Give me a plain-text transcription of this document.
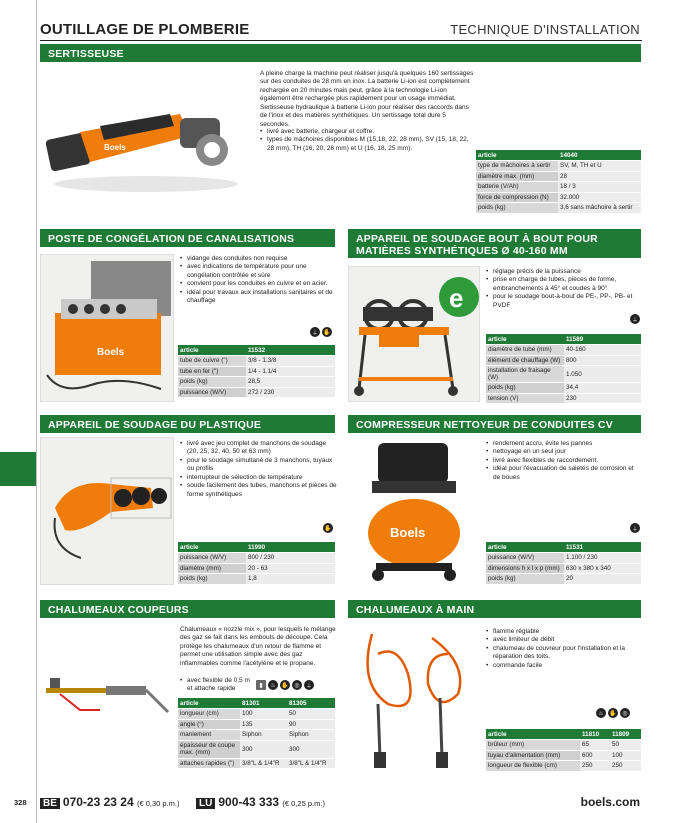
OUTILLAGE DE PLOMBERIE	TECHNIQUE D'INSTALLATION
SERTISSEUSE
Boels
A pleine charge la machine peut réaliser jusqu'à quelques 160 sertissages sur des conduites de 28 mm en inox. La batterie Li-ion est complètement rechargée en 20 minutes mais peut, grâce à la technologie Li-ion également être rechargée plus rapidement pour un usage immédiat. Sertisseuse hydraulique à batterie Li-ion pour réaliser des raccords dans de l'inox et des matières synthétiques. Un sertissage total dure 5 secondes.
• livré avec batterie, chargeur et coffre.
• types de mâchoires disponibles M (15,18, 22, 28 mm), SV (15, 18, 22, 28 mm), TH (16, 20, 26 mm) et U (16, 18, 25 mm).
article	14040
type de mâchoires à sertir	SV, M, TH et U
diamètre max. (mm)	28
batterie (V/Ah)	18 / 3
force de compression (N)	32.000
poids (kg)	3,6 sans mâchoire à sertir
POSTE DE CONGÉLATION DE CANALISATIONS
Boels
• vidange des conduites non requise
• avec indications de température pour une congélation contrôlée et sûre
• convient pour les conduites en cuivre et en acier.
• idéal pour travaux aux installations sanitaires et de chauffage
⏚ ✋
article	11532
tube de cuivre (")	3/8 - 1.3/8
tube en fer (")	1/4 - 1.1/4
poids (kg)	28,5
puissance (W/V)	272 / 230
APPAREIL DE SOUDAGE BOUT À BOUT POUR MATIÈRES SYNTHÉTIQUES Ø 40-160 MM
e
• réglage précis de la puissance
• prise en charge de tubes, pièces de forme, embranchements à 45° et coudes à 90°
• pour le soudage bout-à-bout de PE-, PP-, PB- et PVDF
⏚
article	11589
diamètre de tube (mm)	40-160
élément de chauffage (W)	800
installation de fraisage (W)	1.050
poids (kg)	34,4
tension (V)	230
APPAREIL DE SOUDAGE DU PLASTIQUE
• livré avec jeu complet de manchons de soudage (20, 25, 32, 40, 50 et 63 mm)
• pour le soudage simultané de 3 manchons, tuyaux ou profils
• interrupteur de sélection de température
• soude facilement des tubes, manchons et pièces de forme synthétiques
✋
article	11990
puissance (W/V)	800 / 230
diamètre (mm)	20 - 63
poids (kg)	1,8
COMPRESSEUR NETTOYEUR DE CONDUITES CV
Boels
• rendement accru, évite les pannes
• nettoyage en un seul jour
• livré avec flexibles de raccordement.
• idéal pour l'évacuation de saletés de corrosion et de boues
⏚
article	11531
puissance (W/V)	1.100 / 230
dimensions h x l x p (mm)	630 x 380 x 340
poids (kg)	20
CHALUMEAUX COUPEURS
Chalumeaux « nozzle mix », pour lesquels le mélange des gaz se fait dans les embouts de découpe. Cela protège les chalumeaux d'un retour de flamme et permet une utilisation simple avec des gaz inflammables comme l'acétylène et le propane.
• avec flexible de 0,5 m et attache rapide	▮	♨ ✋ ◎	⏚
article	81301	81305
longueur (cm)	100	50
angle (°)	135	90
maniement	Siphon	Siphon
épaisseur de coupe max. (mm)	300	300
attaches rapides (")	3/8"L & 1/4"R	3/8"L & 1/4"R
CHALUMEAUX À MAIN
• flamme réglable
• avec limiteur de débit
• chalumeau de couvreur pour l'installation et la réparation des toits.
• commande facile
♨ ✋ ◎
article	11810	11809
brûleur (mm)	65	50
tuyau d'alimentation (mm)	600	100
longueur de flexible (cm)	250	250
328	BE 070-23 23 24 (€ 0,30 p.m.)	LU 900-43 333 (€ 0,25 p.m.)	boels.com
